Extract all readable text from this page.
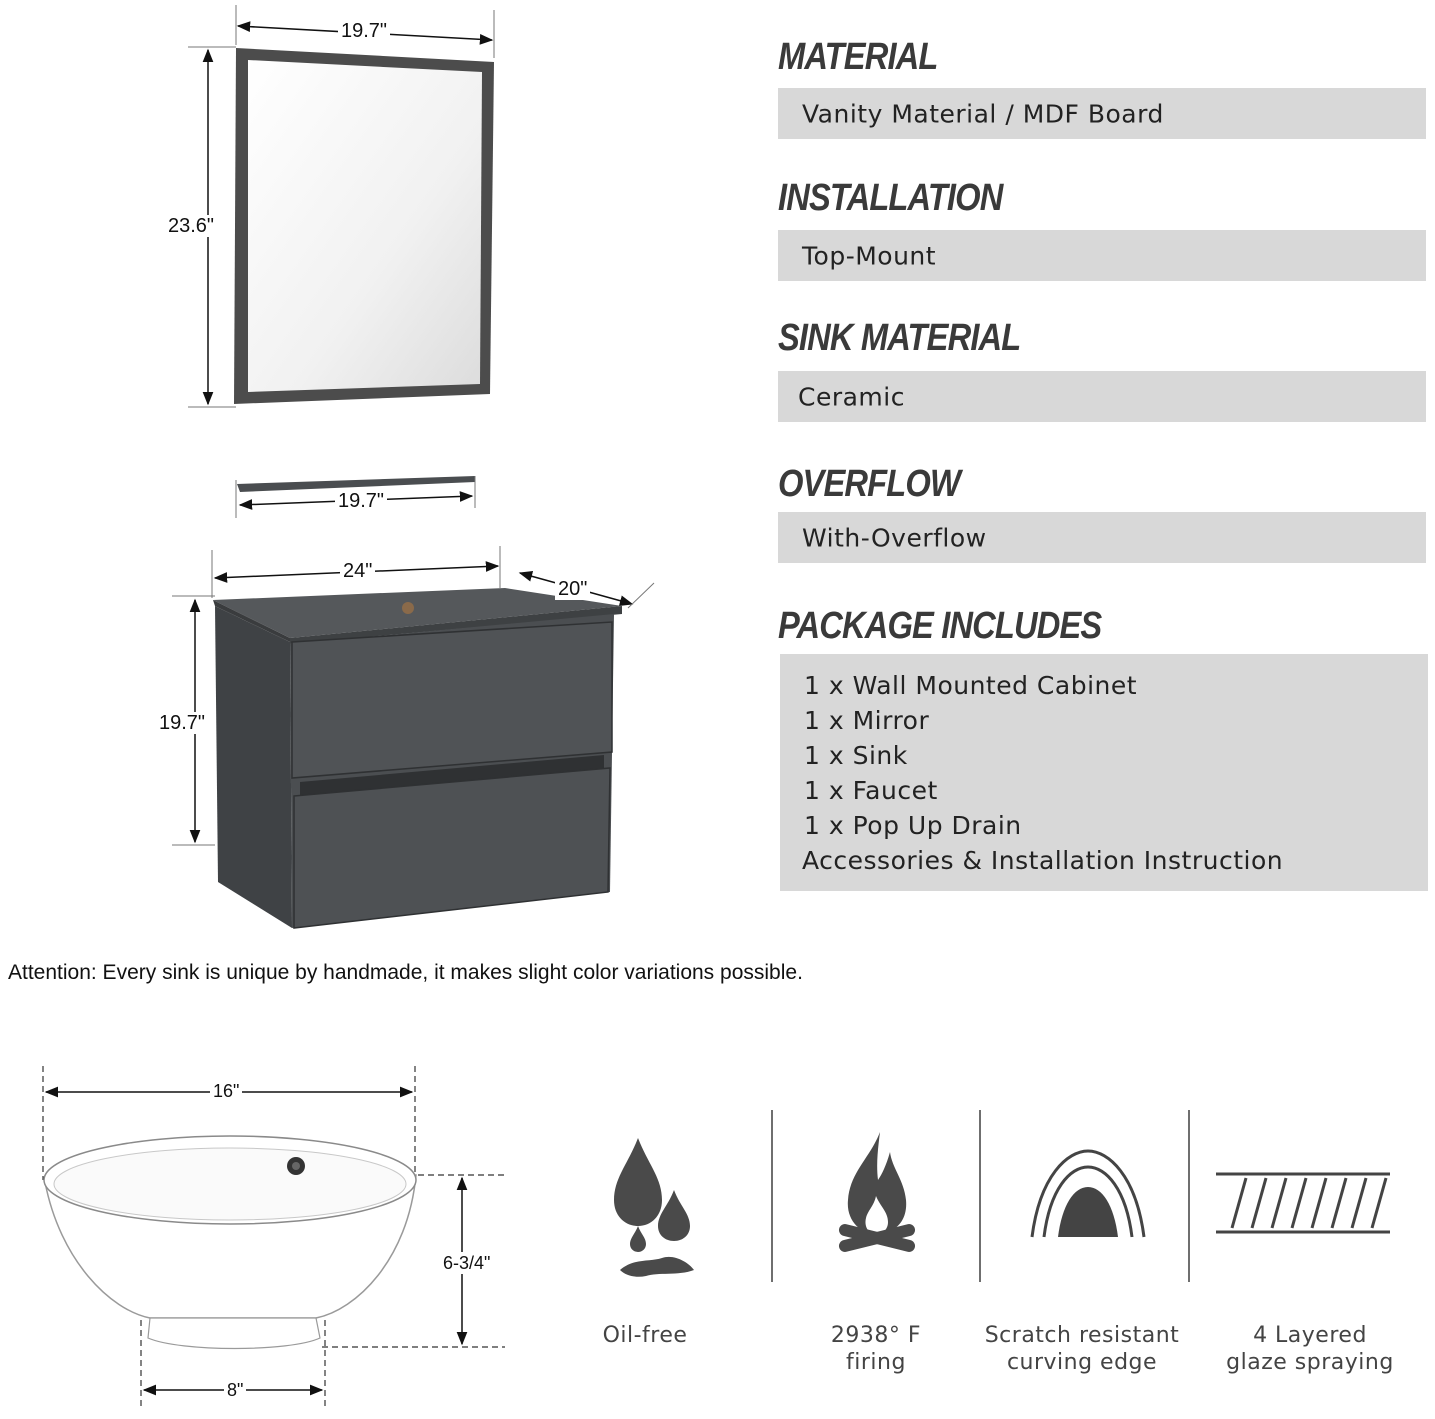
19.7"
23.6"
19.7"
24"
20"
19.7"
MATERIAL
Vanity Material / MDF Board
INSTALLATION
Top-Mount
SINK MATERIAL
Ceramic
OVERFLOW
With-Overflow
PACKAGE INCLUDES
1 x Wall Mounted Cabinet
1 x Mirror
1 x Sink
1 x Faucet
1 x Pop Up Drain
Accessories & Installation Instruction
Attention: Every sink is unique by handmade, it makes slight color variations possible.
16"
6-3/4"
8"
Oil-free	2938° F
firing
Scratch resistant
curving edge
4 Layered
glaze spraying
